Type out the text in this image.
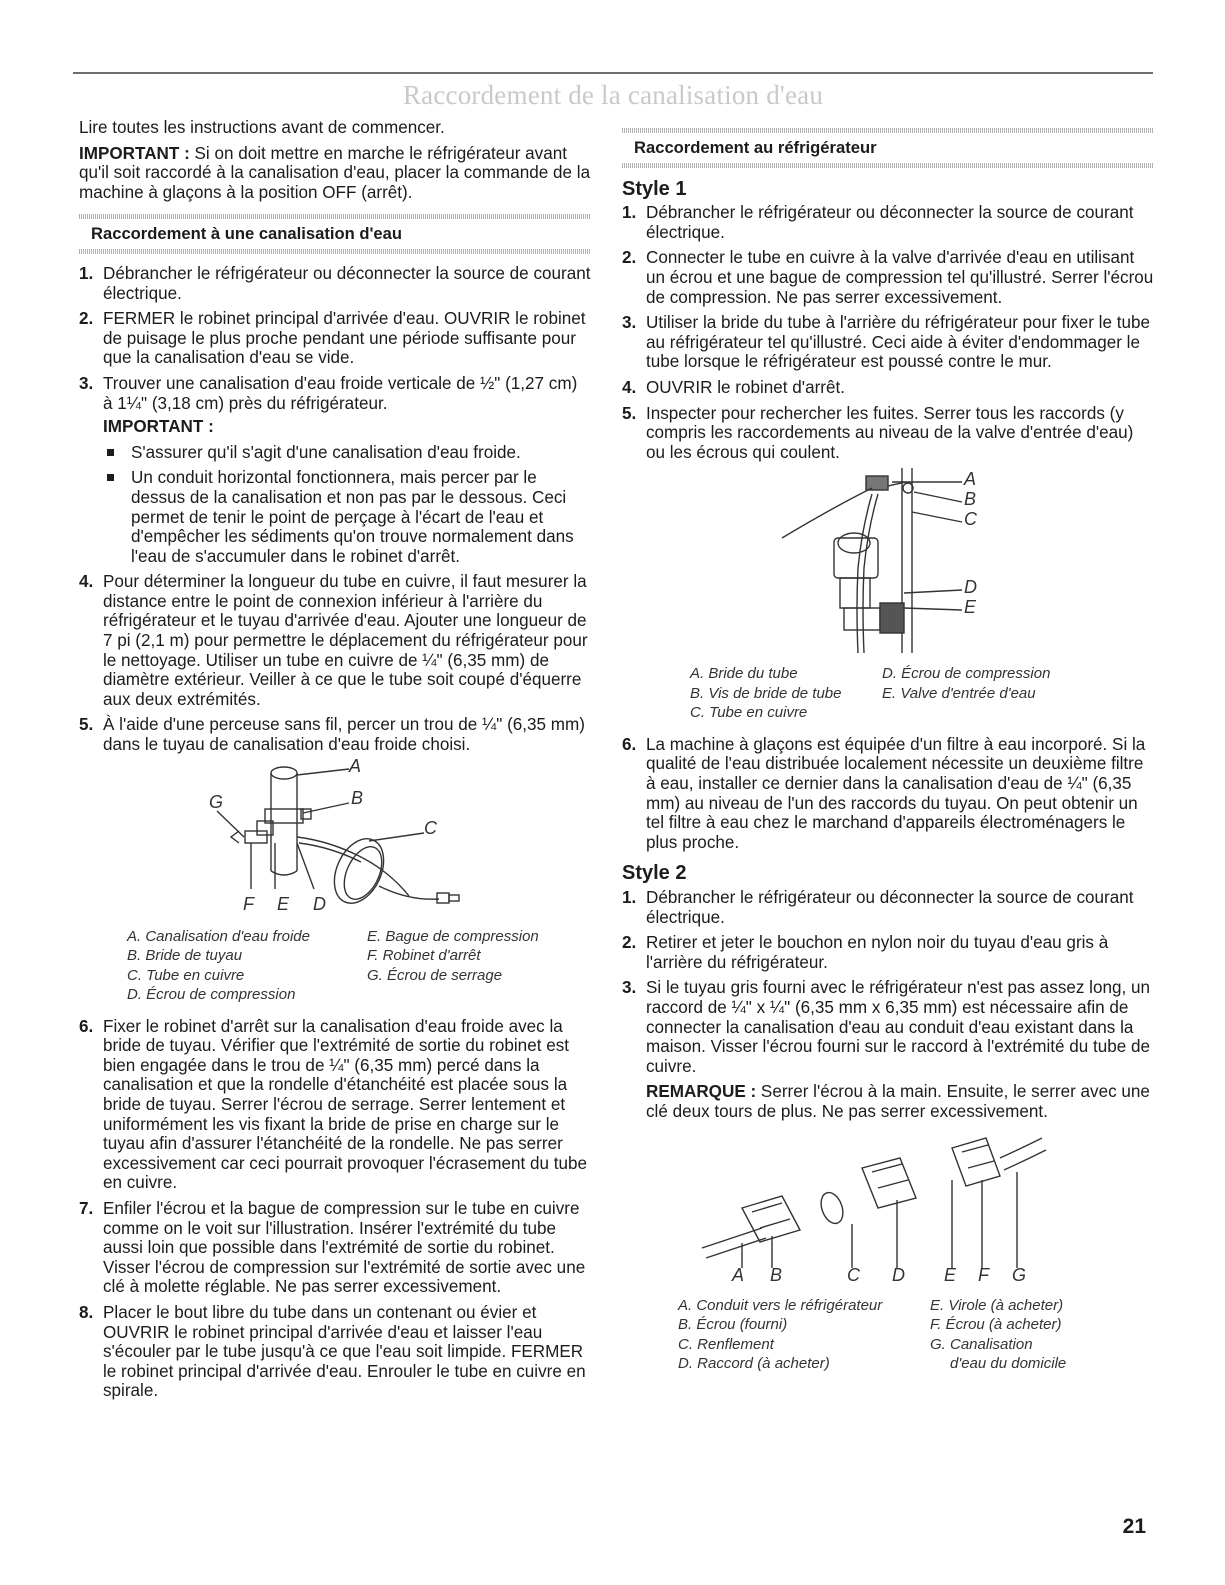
Raccordement de la canalisation d'eau

Lire toutes les instructions avant de commencer.

IMPORTANT : Si on doit mettre en marche le réfrigérateur avant qu'il soit raccordé à la canalisation d'eau, placer la commande de la machine à glaçons à la position OFF (arrêt).

Raccordement à une canalisation d'eau
1. Débrancher le réfrigérateur ou déconnecter la source de courant électrique.
2. FERMER le robinet principal d'arrivée d'eau. OUVRIR le robinet de puisage le plus proche pendant une période suffisante pour que la canalisation d'eau se vide.
3. Trouver une canalisation d'eau froide verticale de ½" (1,27 cm) à 1¼" (3,18 cm) près du réfrigérateur.
IMPORTANT :
S'assurer qu'il s'agit d'une canalisation d'eau froide.
Un conduit horizontal fonctionnera, mais percer par le dessus de la canalisation et non pas par le dessous. Ceci permet de tenir le point de perçage à l'écart de l'eau et d'empêcher les sédiments qu'on trouve normalement dans l'eau de s'accumuler dans le robinet d'arrêt.
4. Pour déterminer la longueur du tube en cuivre, il faut mesurer la distance entre le point de connexion inférieur à l'arrière du réfrigérateur et le tuyau d'arrivée d'eau. Ajouter une longueur de 7 pi (2,1 m) pour permettre le déplacement du réfrigérateur pour le nettoyage. Utiliser un tube en cuivre de ¼" (6,35 mm) de diamètre extérieur. Veiller à ce que le tube soit coupé d'équerre aux deux extrémités.
5. À l'aide d'une perceuse sans fil, percer un trou de ¼" (6,35 mm) dans le tuyau de canalisation d'eau froide choisi.
A
B
C
G
F E D
A. Canalisation d'eau froide	E. Bague de compression
B. Bride de tuyau	F. Robinet d'arrêt
C. Tube en cuivre	G. Écrou de serrage
D. Écrou de compression
6. Fixer le robinet d'arrêt sur la canalisation d'eau froide avec la bride de tuyau. Vérifier que l'extrémité de sortie du robinet est bien engagée dans le trou de ¼" (6,35 mm) percé dans la canalisation et que la rondelle d'étanchéité est placée sous la bride de tuyau. Serrer l'écrou de serrage. Serrer lentement et uniformément les vis fixant la bride de prise en charge sur le tuyau afin d'assurer l'étanchéité de la rondelle. Ne pas serrer excessivement car ceci pourrait provoquer l'écrasement du tube en cuivre.
7. Enfiler l'écrou et la bague de compression sur le tube en cuivre comme on le voit sur l'illustration. Insérer l'extrémité du tube aussi loin que possible dans l'extrémité de sortie du robinet. Visser l'écrou de compression sur l'extrémité de sortie avec une clé à molette réglable. Ne pas serrer excessivement.
8. Placer le bout libre du tube dans un contenant ou évier et OUVRIR le robinet principal d'arrivée d'eau et laisser l'eau s'écouler par le tube jusqu'à ce que l'eau soit limpide. FERMER le robinet principal d'arrivée d'eau. Enrouler le tube en cuivre en spirale.
Raccordement au réfrigérateur
Style 1
1. Débrancher le réfrigérateur ou déconnecter la source de courant électrique.
2. Connecter le tube en cuivre à la valve d'arrivée d'eau en utilisant un écrou et une bague de compression tel qu'illustré. Serrer l'écrou de compression. Ne pas serrer excessivement.
3. Utiliser la bride du tube à l'arrière du réfrigérateur pour fixer le tube au réfrigérateur tel qu'illustré. Ceci aide à éviter d'endommager le tube lorsque le réfrigérateur est poussé contre le mur.
4. OUVRIR le robinet d'arrêt.
5. Inspecter pour rechercher les fuites. Serrer tous les raccords (y compris les raccordements au niveau de la valve d'entrée d'eau) ou les écrous qui coulent.
A
B
C
D
E
A. Bride du tube	D. Écrou de compression
B. Vis de bride de tube	E. Valve d'entrée d'eau
C. Tube en cuivre
6. La machine à glaçons est équipée d'un filtre à eau incorporé. Si la qualité de l'eau distribuée localement nécessite un deuxième filtre à eau, installer ce dernier dans la canalisation d'eau de ¼" (6,35 mm) au niveau de l'un des raccords du tuyau. On peut obtenir un tel filtre à eau chez le marchand d'appareils électroménagers le plus proche.
Style 2
1. Débrancher le réfrigérateur ou déconnecter la source de courant électrique.
2. Retirer et jeter le bouchon en nylon noir du tuyau d'eau gris à l'arrière du réfrigérateur.
3. Si le tuyau gris fourni avec le réfrigérateur n'est pas assez long, un raccord de ¼" x ¼" (6,35 mm x 6,35 mm) est nécessaire afin de connecter la canalisation d'eau au conduit d'eau existant dans la maison. Visser l'écrou fourni sur le raccord à l'extrémité du tube de cuivre.

REMARQUE : Serrer l'écrou à la main. Ensuite, le serrer avec une clé deux tours de plus. Ne pas serrer excessivement.

A B	C D E F G
A. Conduit vers le réfrigérateur	E. Virole (à acheter)
B. Écrou (fourni)	F. Écrou (à acheter)
C. Renflement	G. Canalisation
D. Raccord (à acheter)	d'eau du domicile
21
